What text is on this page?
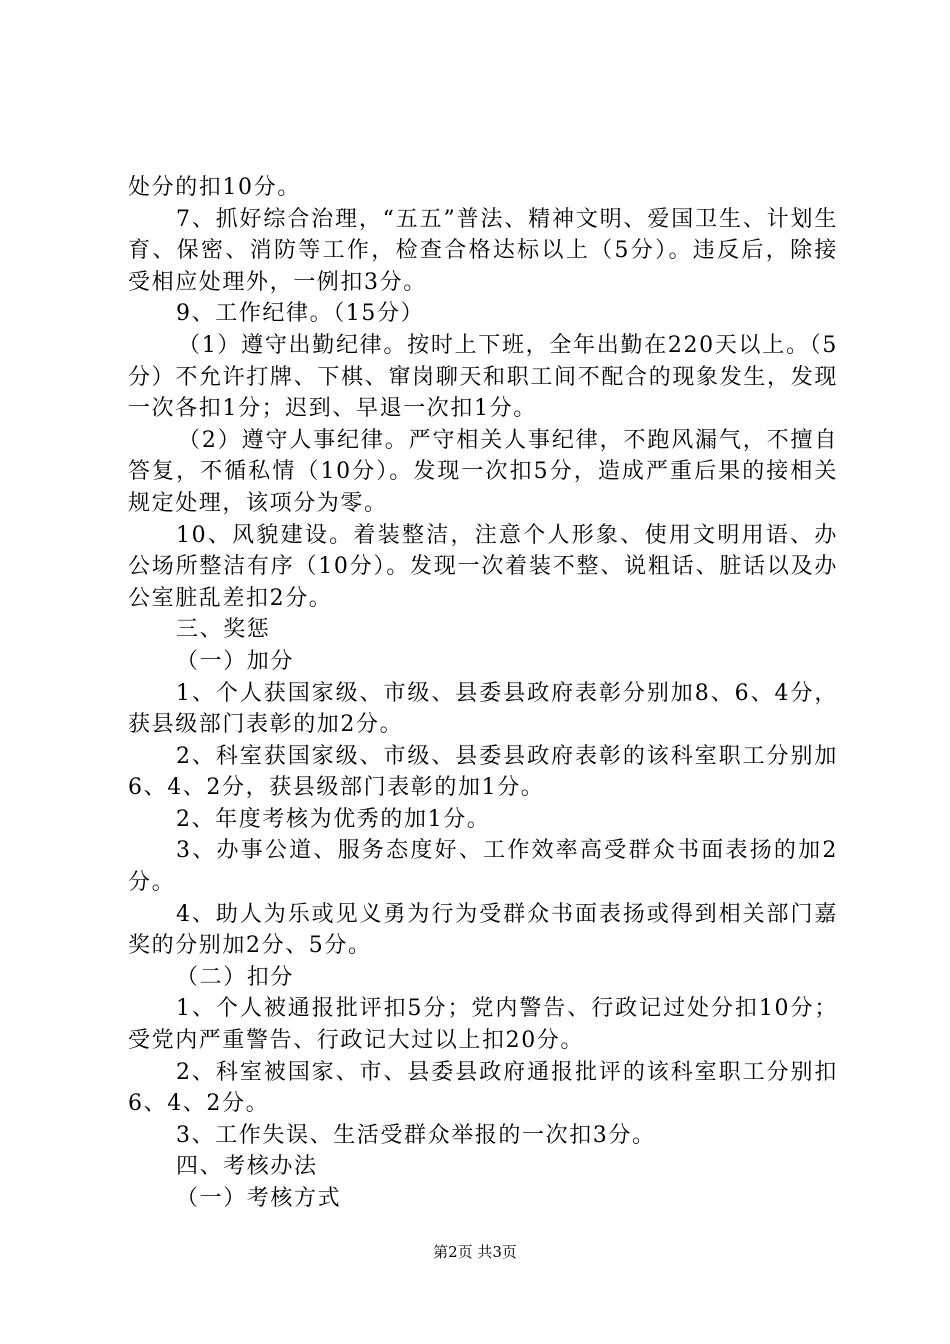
处分的扣10分。

7、抓好综合治理，“五五”普法、精神文明、爱国卫生、计划生育、保密、消防等工作，检查合格达标以上（5分）。违反后，除接受相应处理外，一例扣3分。

9、工作纪律。（15分）

（1）遵守出勤纪律。按时上下班，全年出勤在220天以上。（5分）不允许打牌、下棋、窜岗聊天和职工间不配合的现象发生，发现一次各扣1分；迟到、早退一次扣1分。

（2）遵守人事纪律。严守相关人事纪律，不跑风漏气，不擅自答复，不循私情（10分）。发现一次扣5分，造成严重后果的接相关规定处理，该项分为零。

10、风貌建设。着装整洁，注意个人形象、使用文明用语、办公场所整洁有序（10分）。发现一次着装不整、说粗话、脏话以及办公室脏乱差扣2分。

三、奖惩

（一）加分

1、个人获国家级、市级、县委县政府表彰分别加8、6、4分，获县级部门表彰的加2分。

2、科室获国家级、市级、县委县政府表彰的该科室职工分别加6、4、2分，获县级部门表彰的加1分。

2、年度考核为优秀的加1分。

3、办事公道、服务态度好、工作效率高受群众书面表扬的加2分。

4、助人为乐或见义勇为行为受群众书面表扬或得到相关部门嘉奖的分别加2分、5分。

（二）扣分

1、个人被通报批评扣5分；党内警告、行政记过处分扣10分；受党内严重警告、行政记大过以上扣20分。

2、科室被国家、市、县委县政府通报批评的该科室职工分别扣6、4、2分。

3、工作失误、生活受群众举报的一次扣3分。

四、考核办法

（一）考核方式

第2页 共3页
